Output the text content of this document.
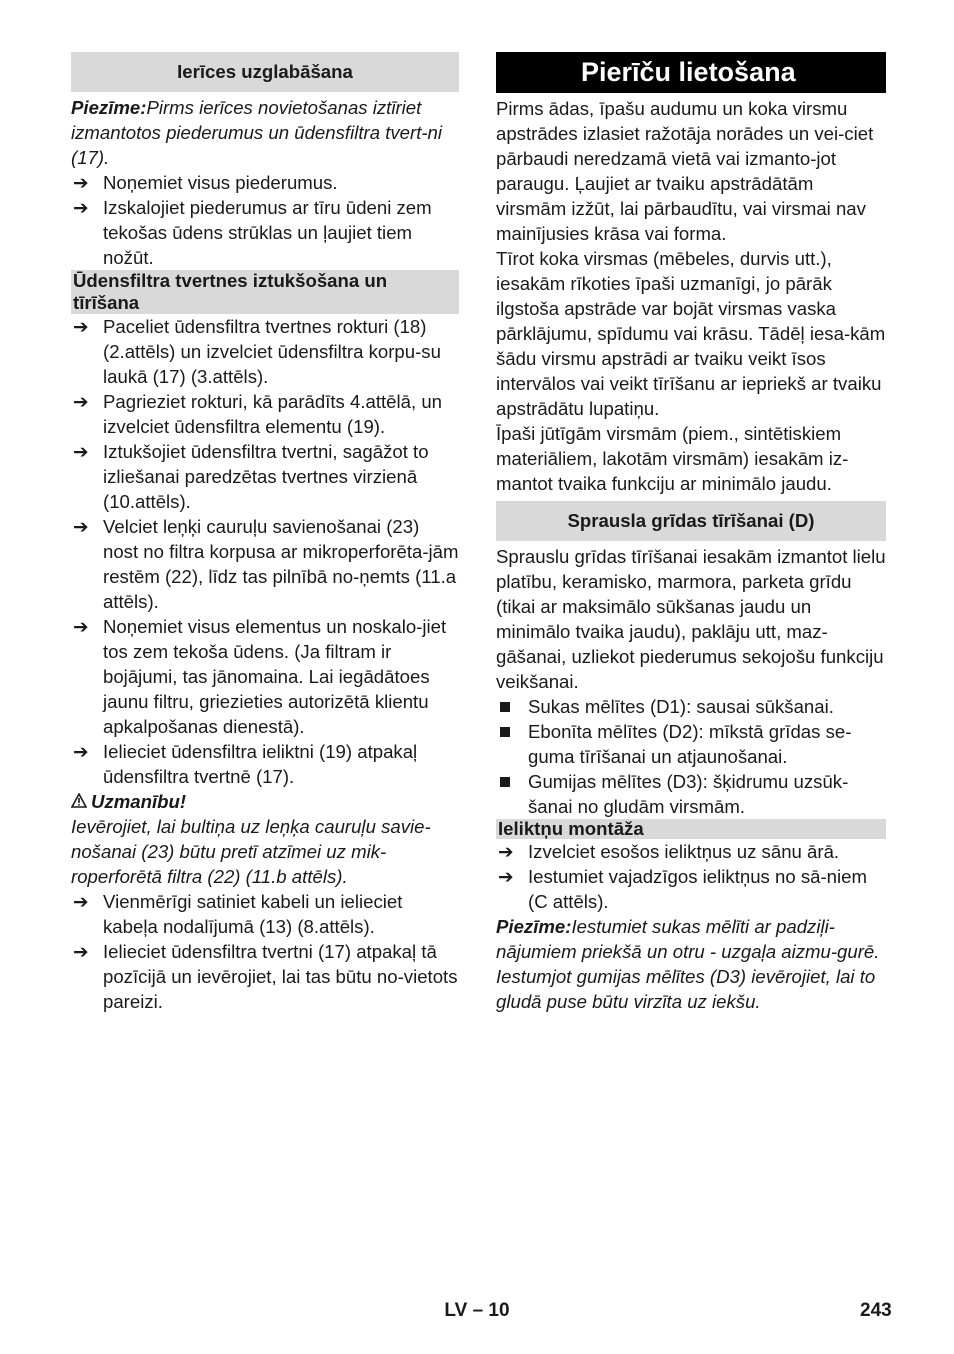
Ierīces uzglabāšana

Piezīme:Pirms ierīces novietošanas iztīriet izmantotos piederumus un ūdensfiltra tvert-ni (17).

➔ Noņemiet visus piederumus.
➔ Izskalojiet piederumus ar tīru ūdeni zem tekošas ūdens strūklas un ļaujiet tiem nožūt.
Ūdensfiltra tvertnes iztukšošana un
tīrīšana
➔ Paceliet ūdensfiltra tvertnes rokturi (18) (2.attēls) un izvelciet ūdensfiltra korpu-su laukā (17) (3.attēls).
➔ Pagrieziet rokturi, kā parādīts 4.attēlā, un izvelciet ūdensfiltra elementu (19).
➔ Iztukšojiet ūdensfiltra tvertni, sagāžot to izliešanai paredzētas tvertnes virzienā (10.attēls).
➔ Velciet leņķi cauruļu savienošanai (23) nost no filtra korpusa ar mikroperforēta-jām restēm (22), līdz tas pilnībā no-ņemts (11.a attēls).
➔ Noņemiet visus elementus un noskalo-jiet tos zem tekoša ūdens. (Ja filtram ir bojājumi, tas jānomaina. Lai iegādātoes jaunu filtru, griezieties autorizētā klientu apkalpošanas dienestā).
➔ Ielieciet ūdensfiltra ieliktni (19) atpakaļ ūdensfiltra tvertnē (17).

Uzmanību!

Ievērojiet, lai bultiņa uz leņķa cauruļu savie-nošanai (23) būtu pretī atzīmei uz mik-roperforētā filtra (22) (11.b attēls).

➔ Vienmērīgi satiniet kabeli un ielieciet kabeļa nodalījumā (13) (8.attēls).
➔ Ielieciet ūdensfiltra tvertni (17) atpakaļ tā pozīcijā un ievērojiet, lai tas būtu no-vietots pareizi.
Pierīču lietošana

Pirms ādas, īpašu audumu un koka virsmu apstrādes izlasiet ražotāja norādes un vei-ciet pārbaudi neredzamā vietā vai izmanto-jot paraugu. Ļaujiet ar tvaiku apstrādātām virsmām izžūt, lai pārbaudītu, vai virsmai nav mainījusies krāsa vai forma.

Tīrot koka virsmas (mēbeles, durvis utt.), iesakām rīkoties īpaši uzmanīgi, jo pārāk ilgstoša apstrāde var bojāt virsmas vaska pārklājumu, spīdumu vai krāsu. Tādēļ iesa-kām šādu virsmu apstrādi ar tvaiku veikt īsos intervālos vai veikt tīrīšanu ar iepriekš ar tvaiku apstrādātu lupatiņu.

Īpaši jūtīgām virsmām (piem., sintētiskiem materiāliem, lakotām virsmām) iesakām iz-mantot tvaika funkciju ar minimālo jaudu.

Sprausla grīdas tīrīšanai (D)

Sprauslu grīdas tīrīšanai iesakām izmantot lielu platību, keramisko, marmora, parketa grīdu (tikai ar maksimālo sūkšanas jaudu un minimālo tvaika jaudu), paklāju utt, maz-gāšanai, uzliekot piederumus sekojošu funkciju veikšanai.

Sukas mēlītes (D1): sausai sūkšanai.
Ebonīta mēlītes (D2): mīkstā grīdas se-guma tīrīšanai un atjaunošanai.
Gumijas mēlītes (D3): šķidrumu uzsūk-šanai no gludām virsmām.
Ieliktņu montāža
➔ Izvelciet esošos ieliktņus uz sānu ārā.
➔ Iestumiet vajadzīgos ieliktņus no sā-niem (C attēls).

Piezīme:Iestumiet sukas mēlīti ar padziļi-nājumiem priekšā un otru - uzgaļa aizmu-gurē.

Iestumjot gumijas mēlītes (D3) ievērojiet, lai to gludā puse būtu virzīta uz iekšu.

LV – 10	243
